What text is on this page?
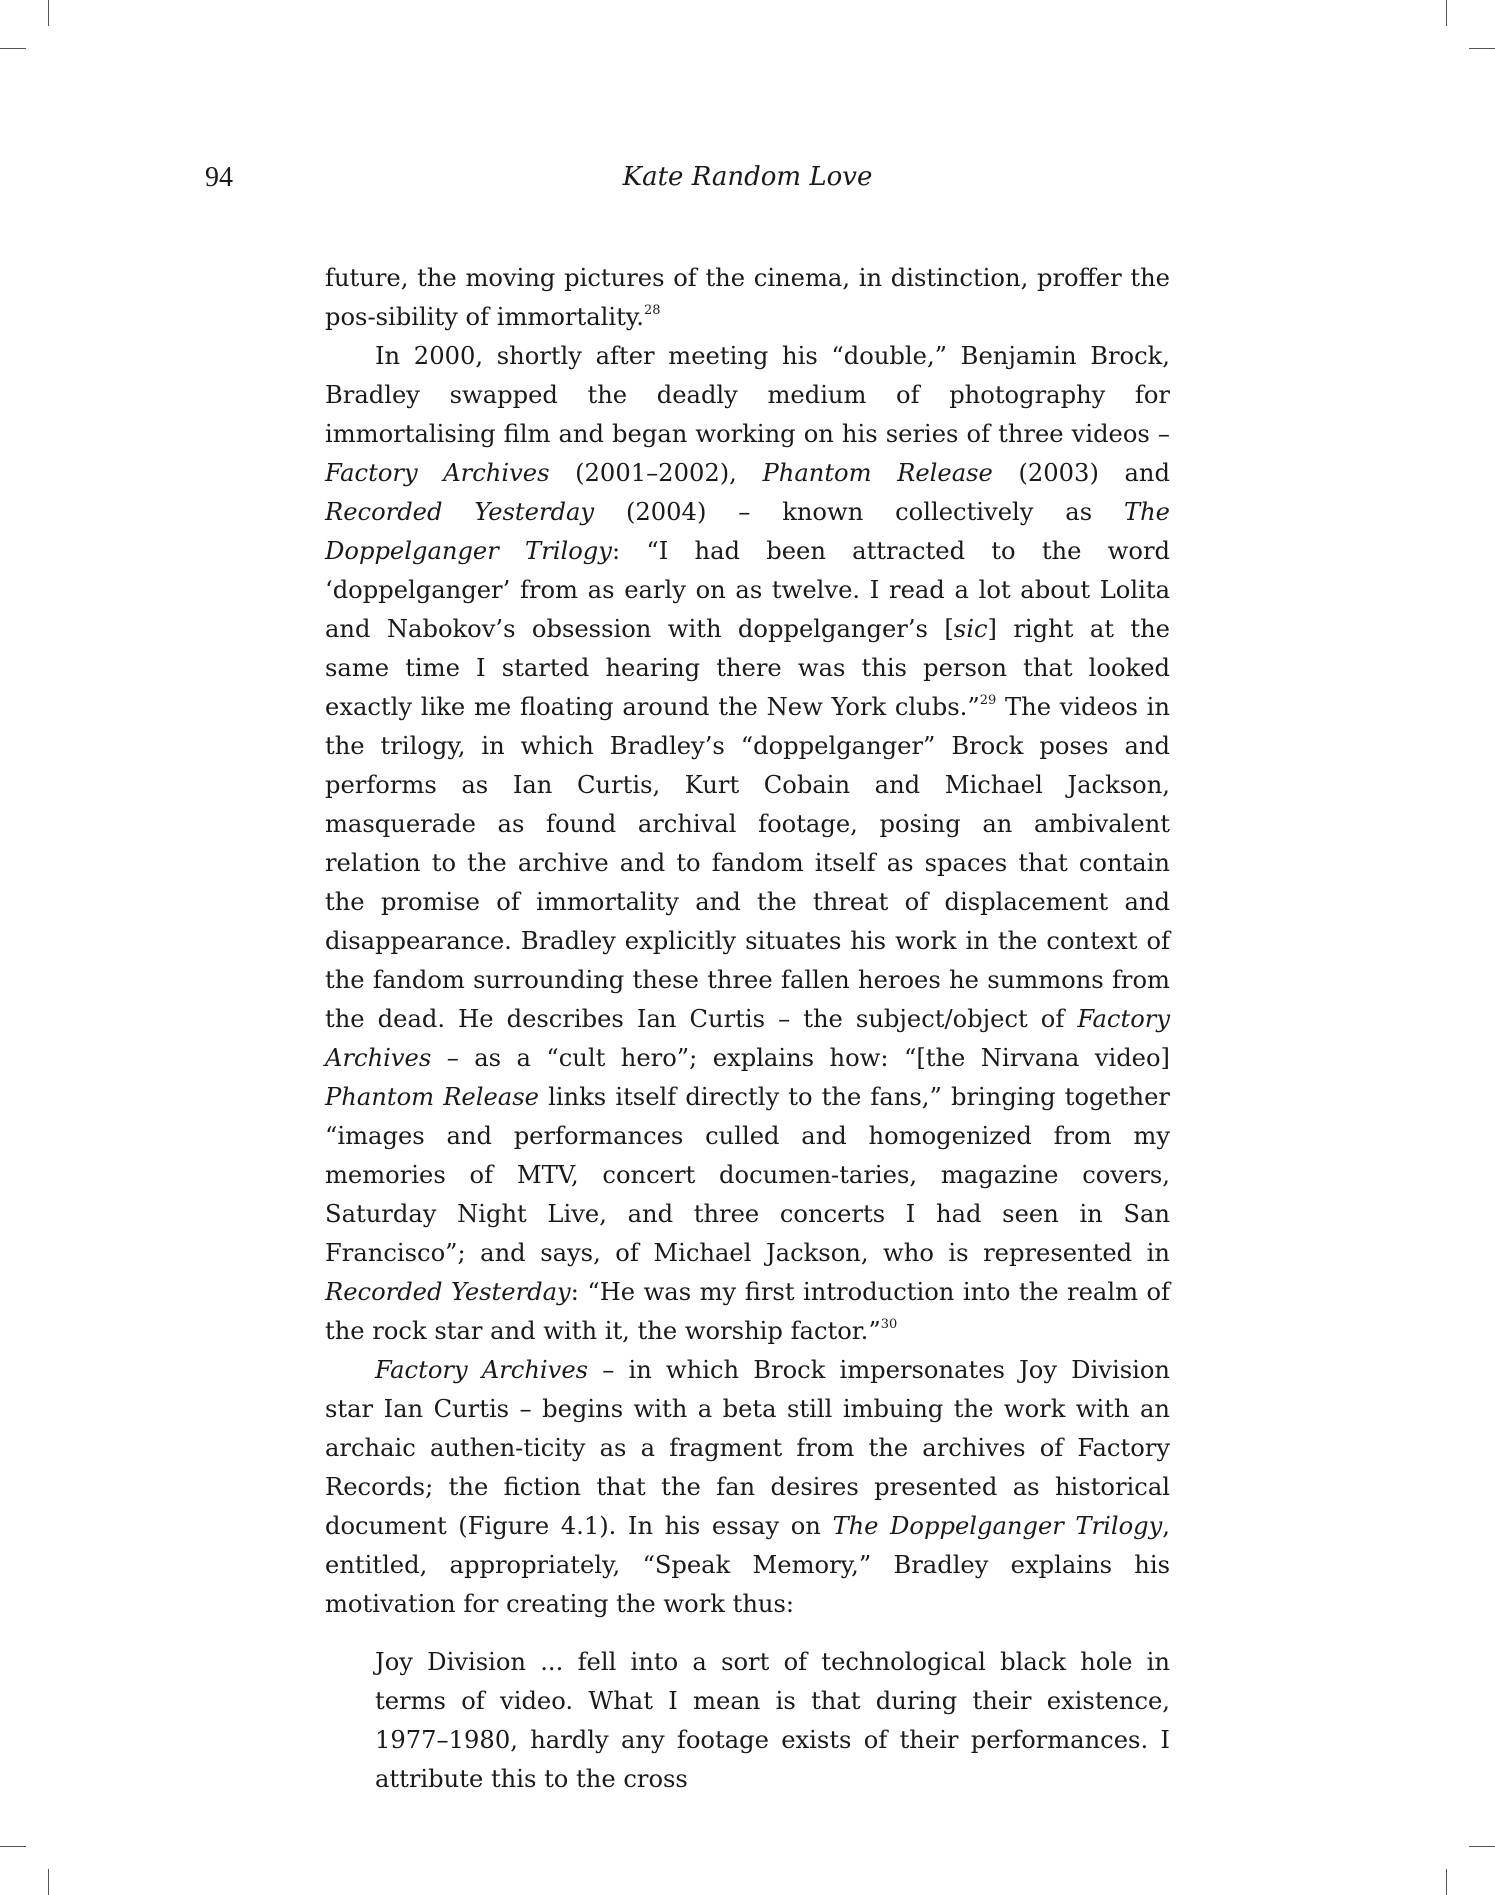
94	Kate Random Love

future, the moving pictures of the cinema, in distinction, proffer the pos-sibility of immortality.$^{28}$

In 2000, shortly after meeting his “double,” Benjamin Brock, Bradley swapped the deadly medium of photography for immortalising film and began working on his series of three videos – Factory Archives (2001–2002), Phantom Release (2003) and Recorded Yesterday (2004) – known collectively as The Doppelganger Trilogy: “I had been attracted to the word ‘doppelganger’ from as early on as twelve. I read a lot about Lolita and Nabokov’s obsession with doppelganger’s [sic] right at the same time I started hearing there was this person that looked exactly like me floating around the New York clubs.”$^{29}$ The videos in the trilogy, in which Bradley’s “doppelganger” Brock poses and performs as Ian Curtis, Kurt Cobain and Michael Jackson, masquerade as found archival footage, posing an ambivalent relation to the archive and to fandom itself as spaces that contain the promise of immortality and the threat of displacement and disappearance. Bradley explicitly situates his work in the context of the fandom surrounding these three fallen heroes he summons from the dead. He describes Ian Curtis – the subject/object of Factory Archives – as a “cult hero”; explains how: “[the Nirvana video] Phantom Release links itself directly to the fans,” bringing together “images and performances culled and homogenized from my memories of MTV, concert documen-taries, magazine covers, Saturday Night Live, and three concerts I had seen in San Francisco”; and says, of Michael Jackson, who is represented in Recorded Yesterday: “He was my first introduction into the realm of the rock star and with it, the worship factor.”$^{30}$

Factory Archives – in which Brock impersonates Joy Division star Ian Curtis – begins with a beta still imbuing the work with an archaic authen-ticity as a fragment from the archives of Factory Records; the fiction that the fan desires presented as historical document (Figure 4.1). In his essay on The Doppelganger Trilogy, entitled, appropriately, “Speak Memory,” Bradley explains his motivation for creating the work thus:

Joy Division ... fell into a sort of technological black hole in terms of video. What I mean is that during their existence, 1977–1980, hardly any footage exists of their performances. I attribute this to the cross
